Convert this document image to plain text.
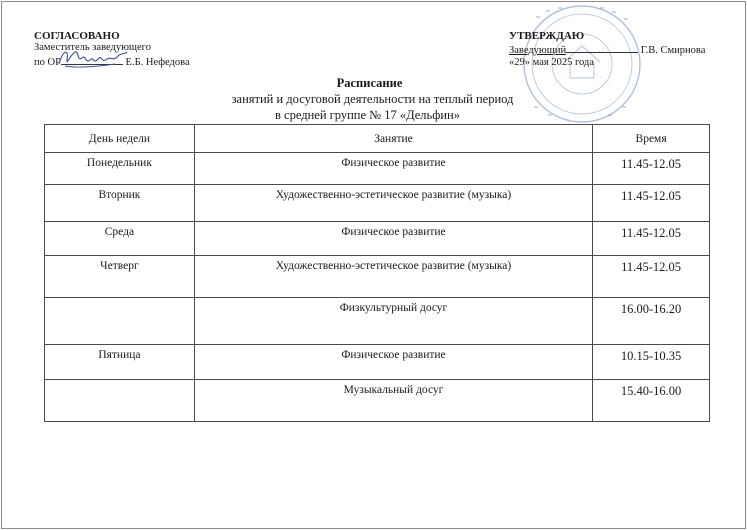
СОГЛАСОВАНО
Заместитель заведующего
по ОР	Е.Б. Нефедова
УТВЕРЖДАЮ
Заведующий	Г.В. Смирнова
«29» мая 2025 года
Расписание
занятий и досуговой деятельности на теплый период
в средней группе № 17 «Дельфин»
День недели	Занятие	Время
Понедельник	Физическое развитие	11.45-12.05
Вторник	Художественно-эстетическое развитие (музыка)	11.45-12.05
Среда	Физическое развитие	11.45-12.05
Четверг	Художественно-эстетическое развитие (музыка)	11.45-12.05
	Физкультурный досуг	16.00-16.20
Пятница	Физическое развитие	10.15-10.35
	Музыкальный досуг	15.40-16.00
